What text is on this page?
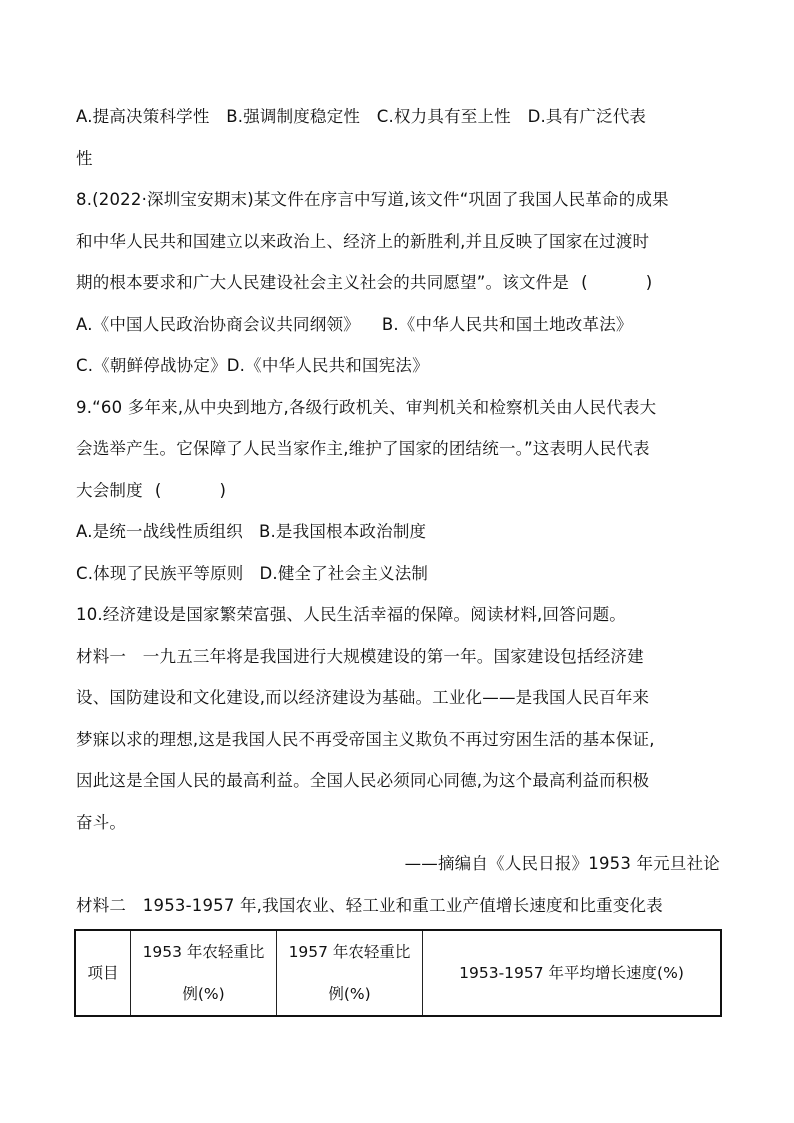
A.提高决策科学性　B.强调制度稳定性　C.权力具有至上性　D.具有广泛代表
性
8.(2022·深圳宝安期末)某文件在序言中写道,该文件“巩固了我国人民革命的成果
和中华人民共和国建立以来政治上、经济上的新胜利,并且反映了国家在过渡时
期的根本要求和广大人民建设社会主义社会的共同愿望”。该文件是 (	)
A.《中国人民政治协商会议共同纲领》 B.《中华人民共和国土地改革法》
C.《朝鲜停战协定》D.《中华人民共和国宪法》
9.“60 多年来,从中央到地方,各级行政机关、审判机关和检察机关由人民代表大
会选举产生。它保障了人民当家作主,维护了国家的团结统一。”这表明人民代表
大会制度 (	)
A.是统一战线性质组织 B.是我国根本政治制度
C.体现了民族平等原则 D.健全了社会主义法制
10.经济建设是国家繁荣富强、人民生活幸福的保障。阅读材料,回答问题。
材料一　一九五三年将是我国进行大规模建设的第一年。国家建设包括经济建
设、国防建设和文化建设,而以经济建设为基础。工业化——是我国人民百年来
梦寐以求的理想,这是我国人民不再受帝国主义欺负不再过穷困生活的基本保证,
因此这是全国人民的最高利益。全国人民必须同心同德,为这个最高利益而积极
奋斗。
——摘编自《人民日报》1953 年元旦社论
材料二　1953-1957 年,我国农业、轻工业和重工业产值增长速度和比重变化表
项目	1953 年农轻重比例(%)	1957 年农轻重比例(%)	1953-1957 年平均增长速度(%)
